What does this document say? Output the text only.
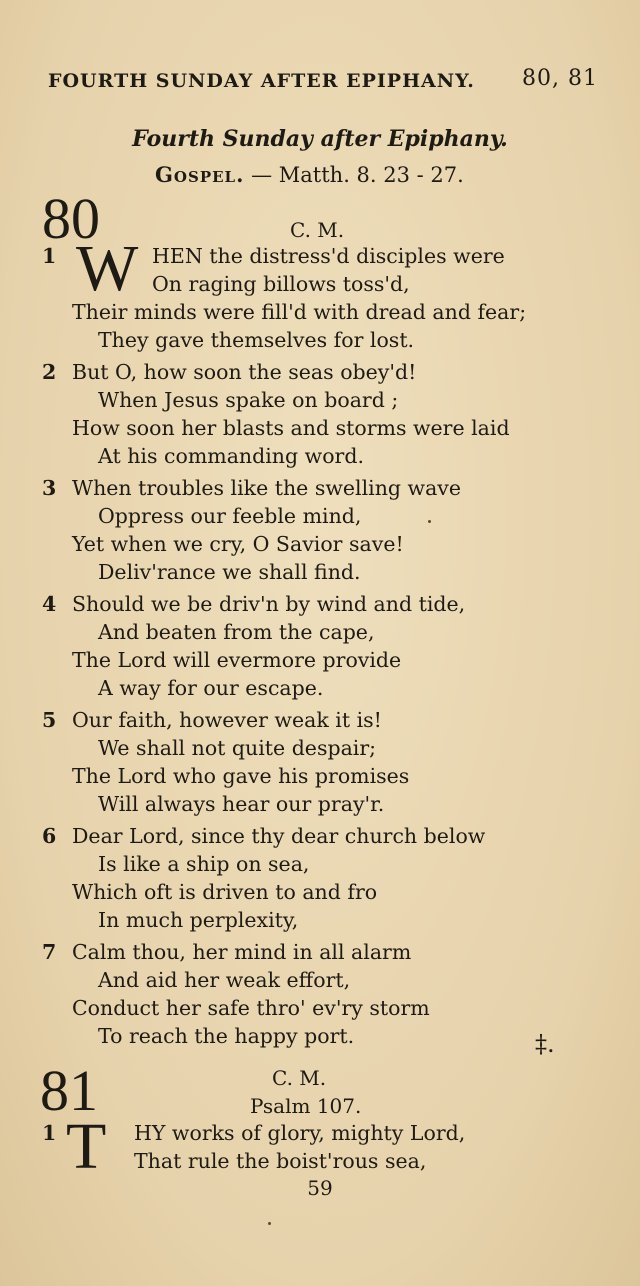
FOURTH SUNDAY AFTER EPIPHANY. 80, 81
Fourth Sunday after Epiphany.
Gospel. — Matth. 8. 23 - 27.
80	C. M.
1	HEN the distress'd disciples were
On raging billows toss'd,
Their minds were fill'd with dread and fear;
They gave themselves for lost.
2 But O, how soon the seas obey'd!
When Jesus spake on board ;
How soon her blasts and storms were laid
At his commanding word.
3 When troubles like the swelling wave
Oppress our feeble mind,
Yet when we cry, O Savior save!
Deliv'rance we shall find.
4 Should we be driv'n by wind and tide,
And beaten from the cape,
The Lord will evermore provide
A way for our escape.
5 Our faith, however weak it is!
We shall not quite despair;
The Lord who gave his promises
Will always hear our pray'r.
6 Dear Lord, since thy dear church below
Is like a ship on sea,
Which oft is driven to and fro
In much perplexity,
7 Calm thou, her mind in all alarm
And aid her weak effort,
Conduct her safe thro' ev'ry storm
To reach the happy port.	‡.
81	C. M.
Psalm 107.
1	HY works of glory, mighty Lord,
That rule the boist'rous sea,
59
W
T
